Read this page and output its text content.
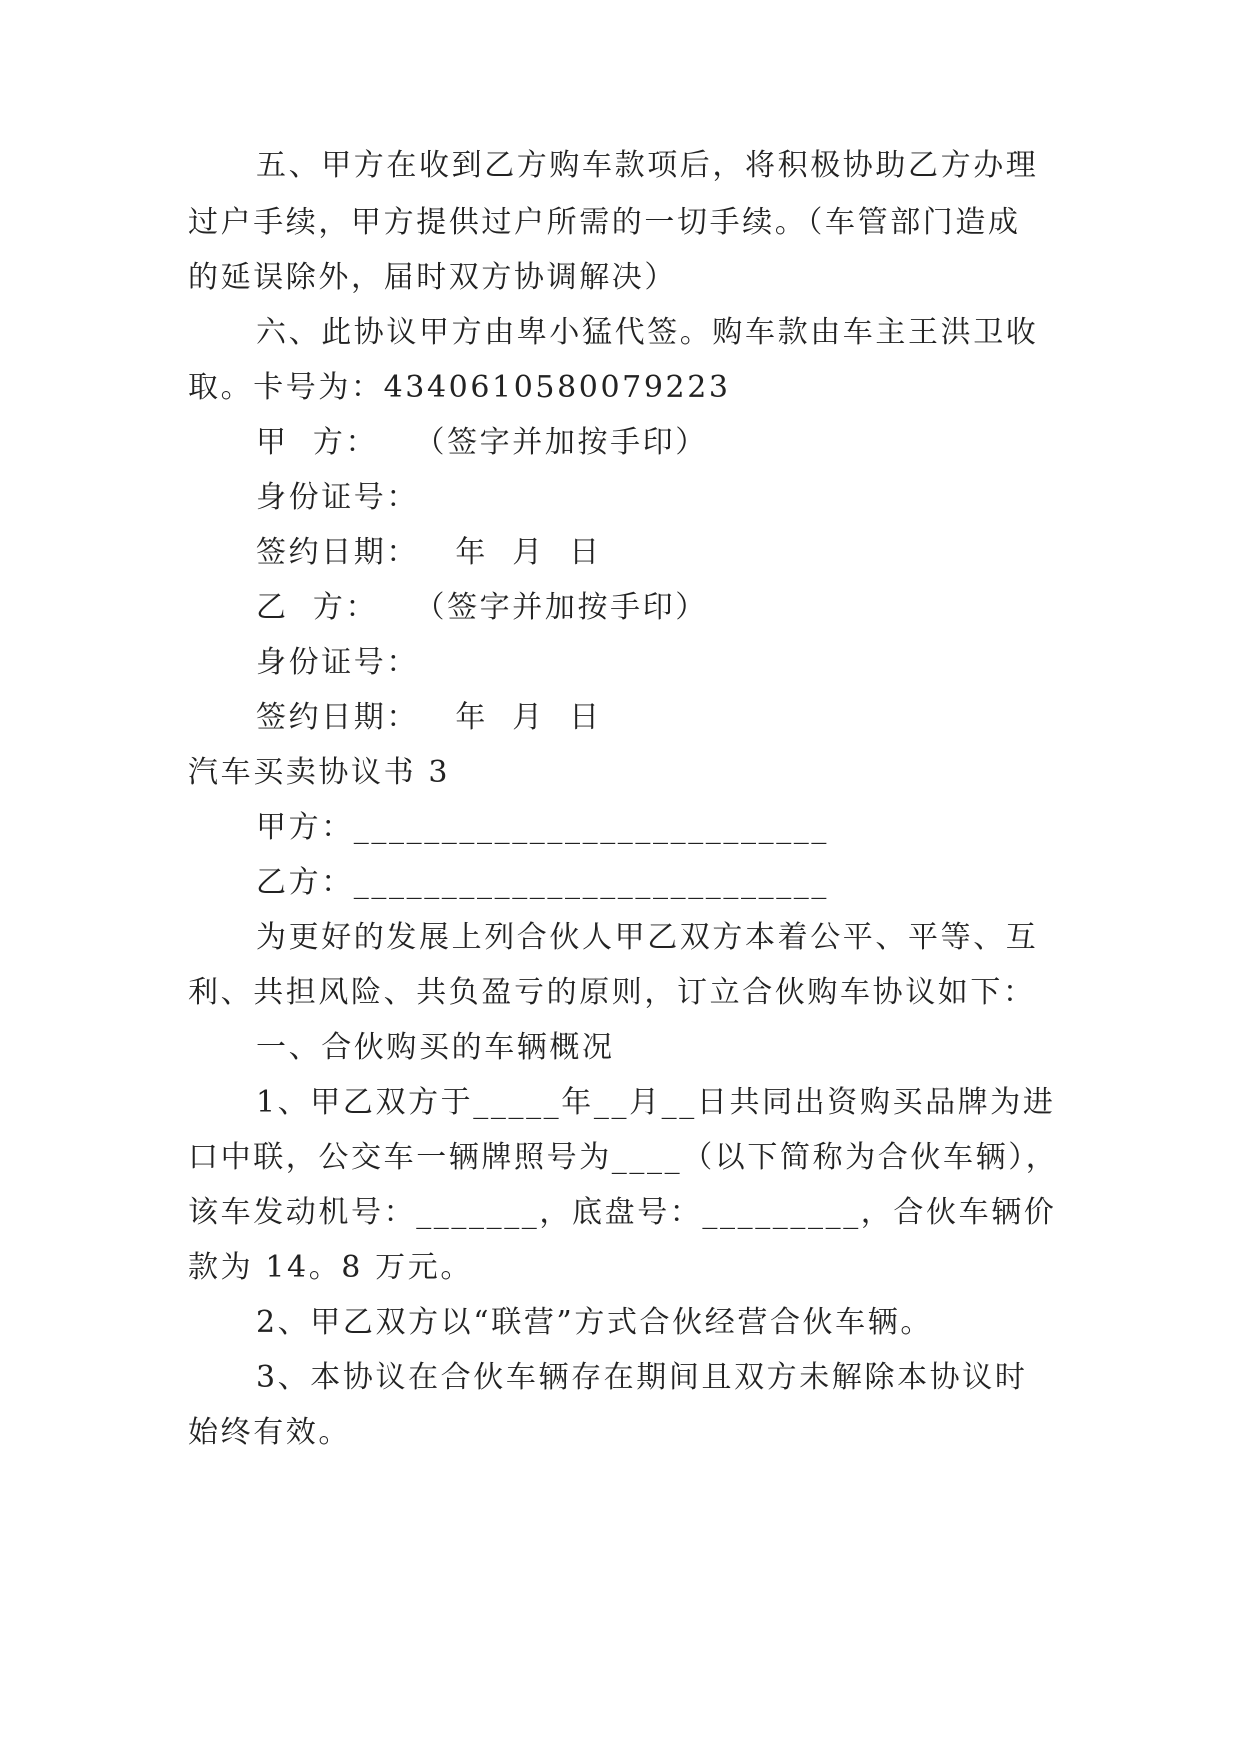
五、甲方在收到乙方购车款项后，将积极协助乙方办理
过户手续，甲方提供过户所需的一切手续。（车管部门造成
的延误除外，届时双方协调解决）
六、此协议甲方由卑小猛代签。购车款由车主王洪卫收
取。卡号为：4340610580079223
甲  方：   （签字并加按手印）
身份证号：
签约日期：   年  月  日
乙  方：   （签字并加按手印）
身份证号：
签约日期：   年  月  日
汽车买卖协议书 3
甲方：___________________________
乙方：___________________________
为更好的发展上列合伙人甲乙双方本着公平、平等、互
利、共担风险、共负盈亏的原则，订立合伙购车协议如下：
一、合伙购买的车辆概况
1、甲乙双方于_____年__月__日共同出资购买品牌为进
口中联，公交车一辆牌照号为____（以下简称为合伙车辆），
该车发动机号：_______，底盘号：_________，合伙车辆价
款为 14。8 万元。
2、甲乙双方以“联营”方式合伙经营合伙车辆。
3、本协议在合伙车辆存在期间且双方未解除本协议时
始终有效。
